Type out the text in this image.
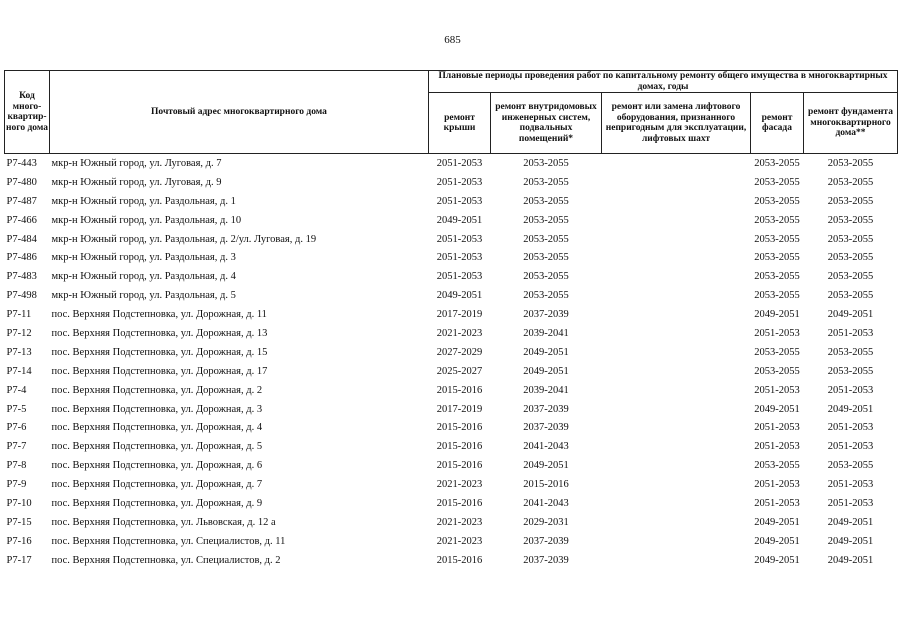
685
Код много-квартир-ного дома	Почтовый адрес многоквартирного дома	Плановые периоды проведения работ по капитальному ремонту общего имущества в многоквартирных домах, годы				
		ремонт крыши	ремонт внутридомовых инженерных систем, подвальных помещений*	ремонт или замена лифтового оборудования, признанного непригодным для эксплуатации, лифтовых шахт	ремонт фасада	ремонт фундамента многоквартирного дома**
P7-443	мкр-н Южный город, ул. Луговая, д. 7	2051-2053	2053-2055		2053-2055	2053-2055
P7-480	мкр-н Южный город, ул. Луговая, д. 9	2051-2053	2053-2055		2053-2055	2053-2055
P7-487	мкр-н Южный город, ул. Раздольная, д. 1	2051-2053	2053-2055		2053-2055	2053-2055
P7-466	мкр-н Южный город, ул. Раздольная, д. 10	2049-2051	2053-2055		2053-2055	2053-2055
P7-484	мкр-н Южный город, ул. Раздольная, д. 2/ул. Луговая, д. 19	2051-2053	2053-2055		2053-2055	2053-2055
P7-486	мкр-н Южный город, ул. Раздольная, д. 3	2051-2053	2053-2055		2053-2055	2053-2055
P7-483	мкр-н Южный город, ул. Раздольная, д. 4	2051-2053	2053-2055		2053-2055	2053-2055
P7-498	мкр-н Южный город, ул. Раздольная, д. 5	2049-2051	2053-2055		2053-2055	2053-2055
P7-11	пос. Верхняя Подстепновка, ул. Дорожная, д. 11	2017-2019	2037-2039		2049-2051	2049-2051
P7-12	пос. Верхняя Подстепновка, ул. Дорожная, д. 13	2021-2023	2039-2041		2051-2053	2051-2053
P7-13	пос. Верхняя Подстепновка, ул. Дорожная, д. 15	2027-2029	2049-2051		2053-2055	2053-2055
P7-14	пос. Верхняя Подстепновка, ул. Дорожная, д. 17	2025-2027	2049-2051		2053-2055	2053-2055
P7-4	пос. Верхняя Подстепновка, ул. Дорожная, д. 2	2015-2016	2039-2041		2051-2053	2051-2053
P7-5	пос. Верхняя Подстепновка, ул. Дорожная, д. 3	2017-2019	2037-2039		2049-2051	2049-2051
P7-6	пос. Верхняя Подстепновка, ул. Дорожная, д. 4	2015-2016	2037-2039		2051-2053	2051-2053
P7-7	пос. Верхняя Подстепновка, ул. Дорожная, д. 5	2015-2016	2041-2043		2051-2053	2051-2053
P7-8	пос. Верхняя Подстепновка, ул. Дорожная, д. 6	2015-2016	2049-2051		2053-2055	2053-2055
P7-9	пос. Верхняя Подстепновка, ул. Дорожная, д. 7	2021-2023	2015-2016		2051-2053	2051-2053
P7-10	пос. Верхняя Подстепновка, ул. Дорожная, д. 9	2015-2016	2041-2043		2051-2053	2051-2053
P7-15	пос. Верхняя Подстепновка, ул. Львовская, д. 12 а	2021-2023	2029-2031		2049-2051	2049-2051
P7-16	пос. Верхняя Подстепновка, ул. Специалистов, д. 11	2021-2023	2037-2039		2049-2051	2049-2051
P7-17	пос. Верхняя Подстепновка, ул. Специалистов, д. 2	2015-2016	2037-2039		2049-2051	2049-2051
